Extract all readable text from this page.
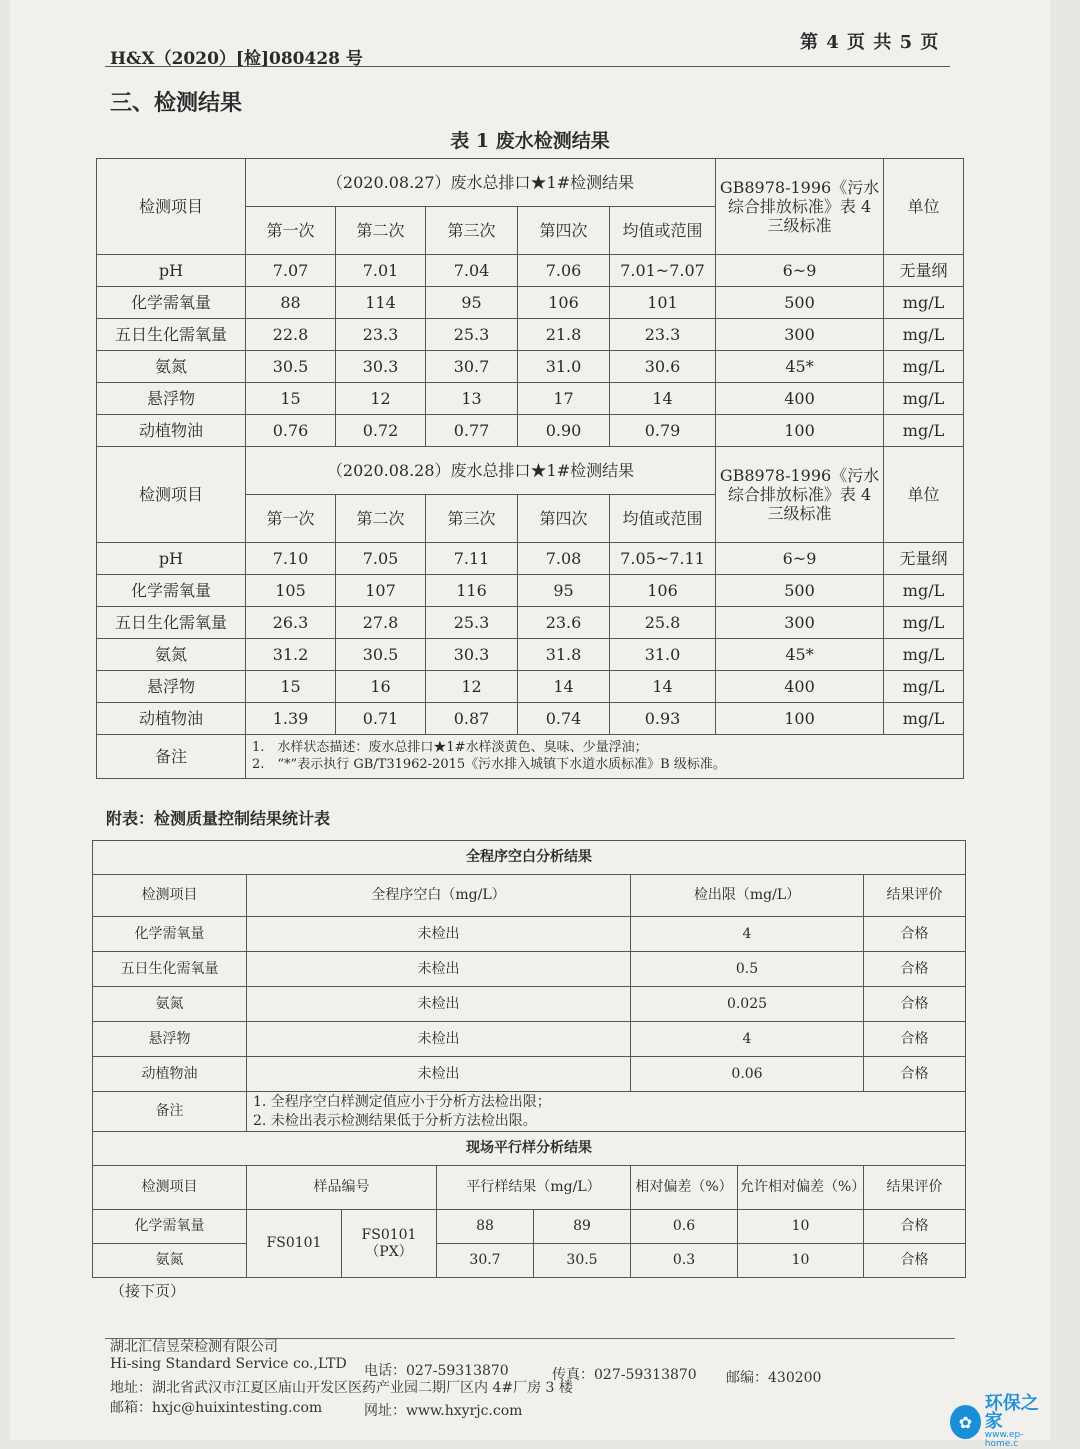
H&X（2020）[检]080428 号
第 4 页 共 5 页
三、检测结果
表 1 废水检测结果
检测项目	（2020.08.27）废水总排口★1#检测结果					GB8978-1996《污水综合排放标准》表 4 三级标准	单位
	第一次	第二次	第三次	第四次	均值或范围		
pH	7.07	7.01	7.04	7.06	7.01~7.07	6~9	无量纲
化学需氧量	88	114	95	106	101	500	mg/L
五日生化需氧量	22.8	23.3	25.3	21.8	23.3	300	mg/L
氨氮	30.5	30.3	30.7	31.0	30.6	45*	mg/L
悬浮物	15	12	13	17	14	400	mg/L
动植物油	0.76	0.72	0.77	0.90	0.79	100	mg/L
检测项目	（2020.08.28）废水总排口★1#检测结果					GB8978-1996《污水综合排放标准》表 4 三级标准	单位
	第一次	第二次	第三次	第四次	均值或范围		
pH	7.10	7.05	7.11	7.08	7.05~7.11	6~9	无量纲
化学需氧量	105	107	116	95	106	500	mg/L
五日生化需氧量	26.3	27.8	25.3	23.6	25.8	300	mg/L
氨氮	31.2	30.5	30.3	31.8	31.0	45*	mg/L
悬浮物	15	16	12	14	14	400	mg/L
动植物油	1.39	0.71	0.87	0.74	0.93	100	mg/L
备注	1.　水样状态描述：废水总排口★1#水样淡黄色、臭味、少量浮油；
2.　“*”表示执行 GB/T31962-2015《污水排入城镇下水道水质标准》B 级标准。						
附表：检测质量控制结果统计表
全程序空白分析结果							
检测项目	全程序空白（mg/L）				检出限（mg/L）		结果评价
化学需氧量	未检出				4		合格
五日生化需氧量	未检出				0.5		合格
氨氮	未检出				0.025		合格
悬浮物	未检出				4		合格
动植物油	未检出				0.06		合格
备注	1. 全程序空白样测定值应小于分析方法检出限；
2. 未检出表示检测结果低于分析方法检出限。						

现场平行样分析结果							
检测项目	样品编号		平行样结果（mg/L）		相对偏差（%）	允许相对偏差（%）	结果评价
化学需氧量	FS0101	FS0101（PX）	88	89	0.6	10	合格
氨氮			30.7	30.5	0.3	10	合格
（接下页）
湖北汇信昱荣检测有限公司
Hi-sing Standard Service co.,LTD 电话：027-59313870	传真：027-59313870 邮编：430200
地址：湖北省武汉市江夏区庙山开发区医药产业园二期厂区内 4#厂房 3 楼
邮箱：hxjc@huixintesting.com	网址：www.hxyrjc.com
✿
环保之家
www.ep-home.c
